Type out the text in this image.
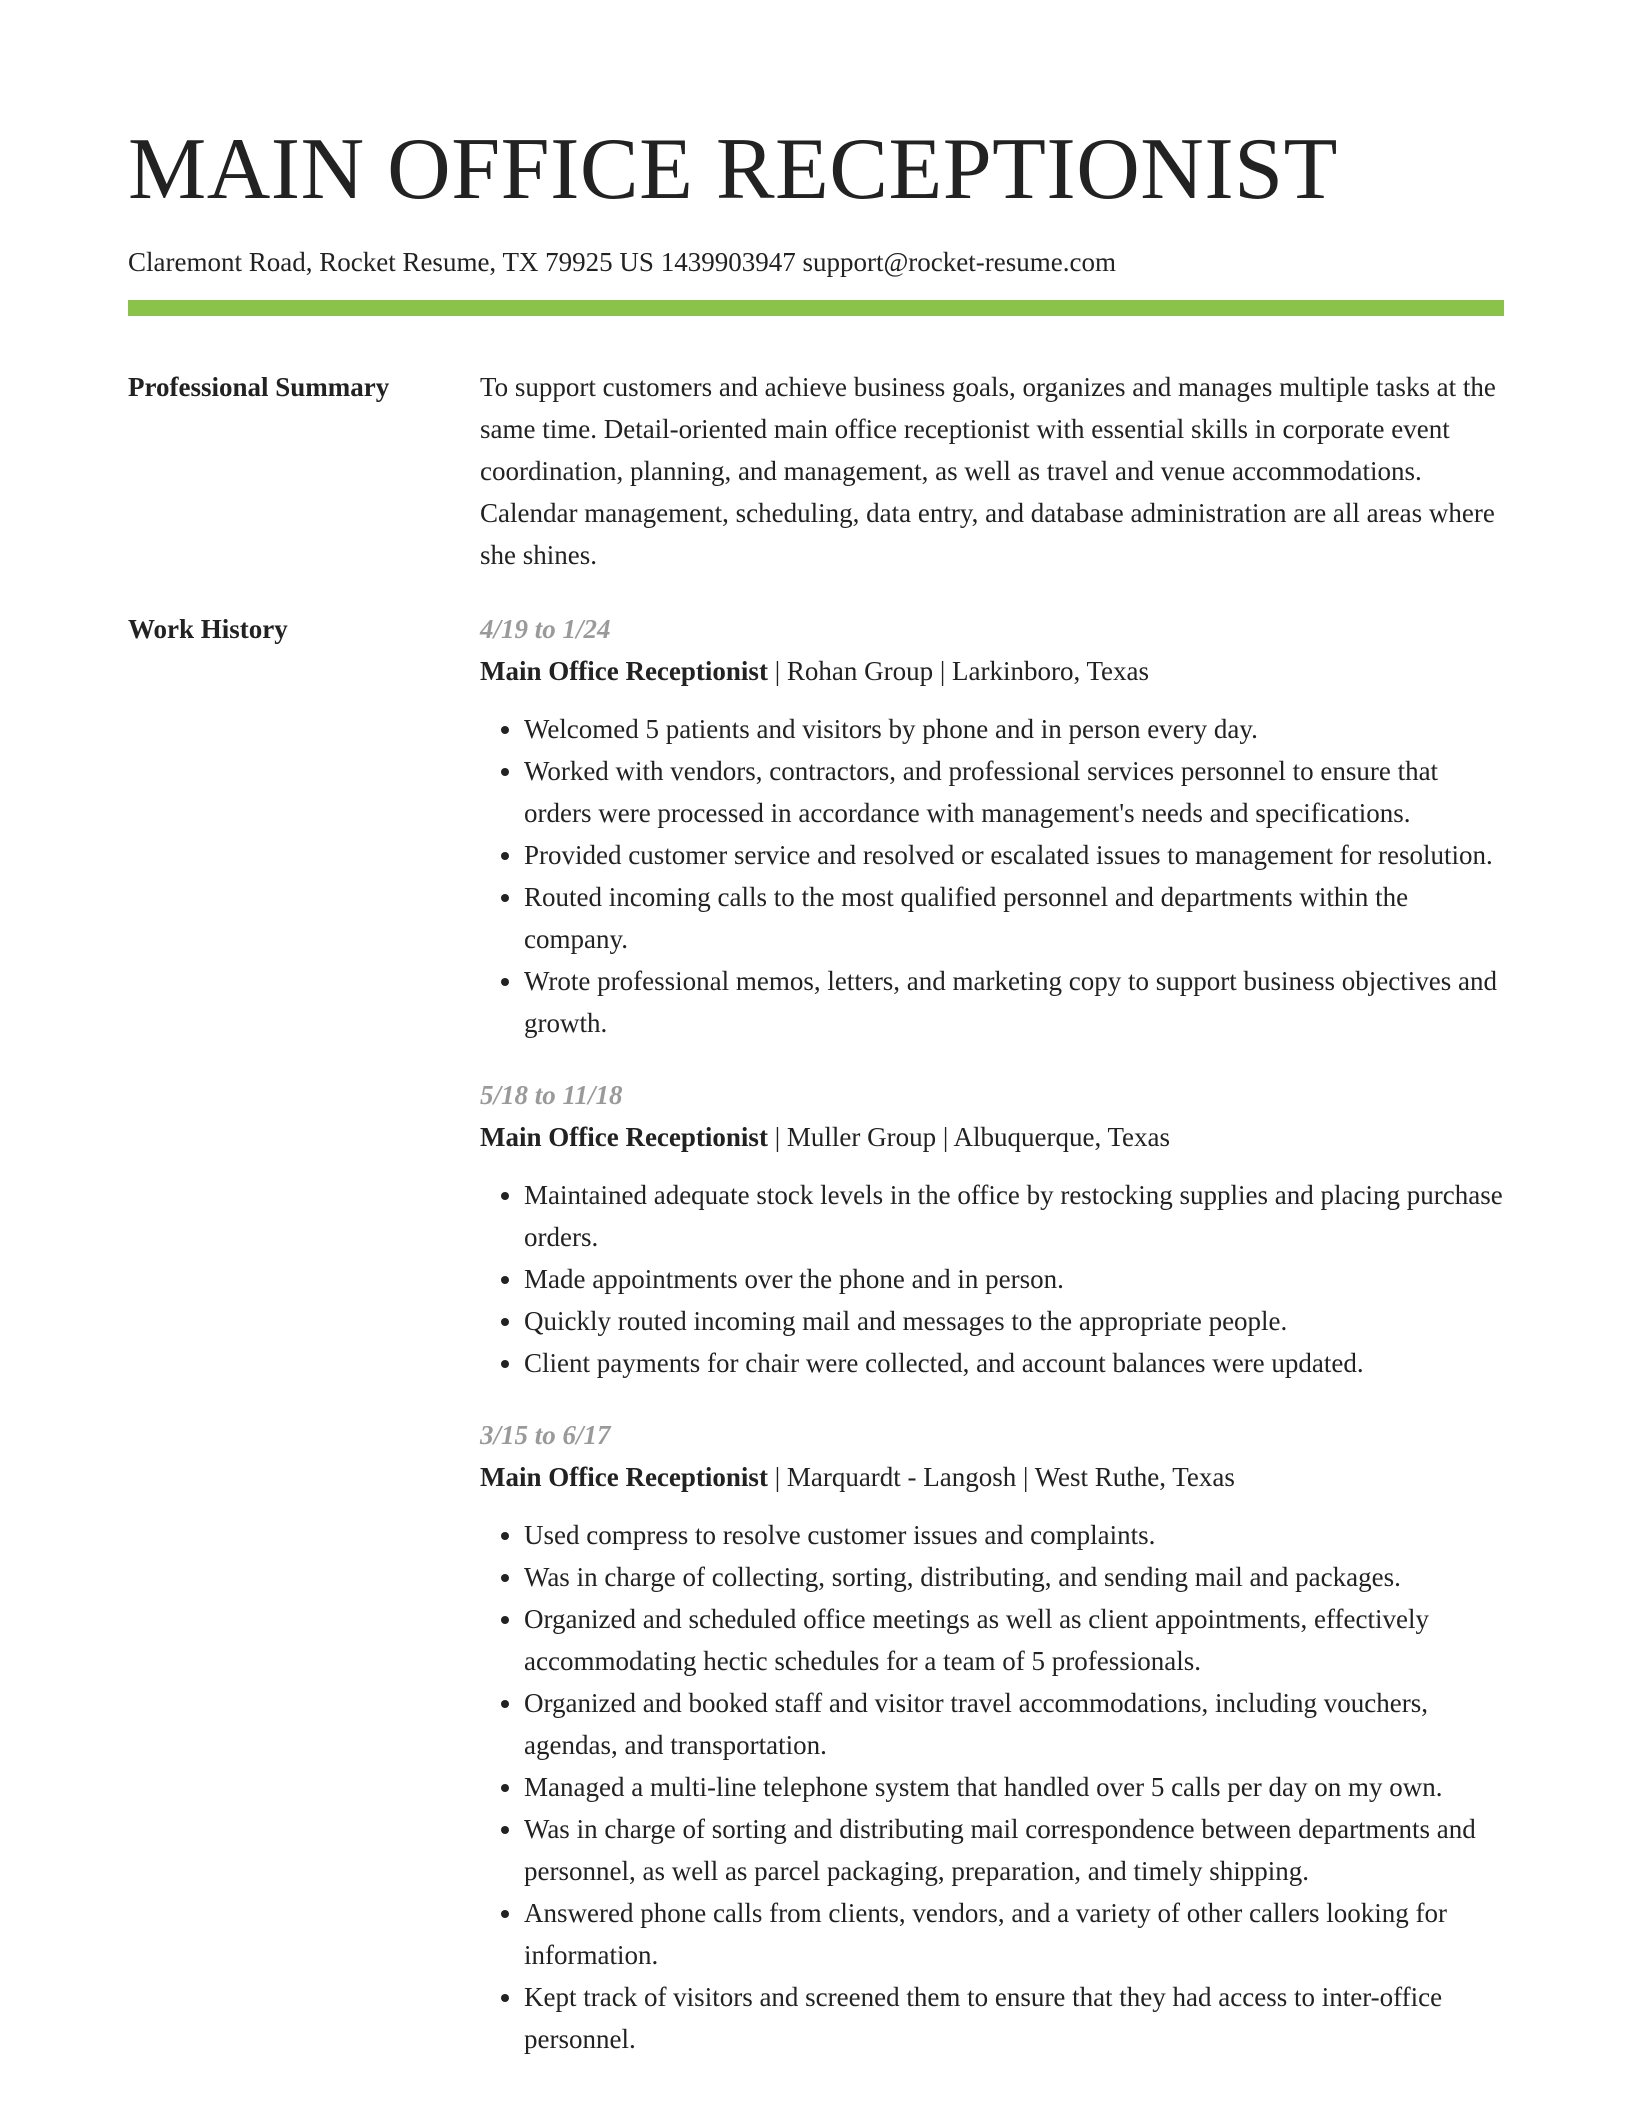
MAIN OFFICE RECEPTIONIST
Claremont Road, Rocket Resume, TX 79925 US 1439903947 support@rocket-resume.com
Professional Summary	To support customers and achieve business goals, organizes and manages multiple tasks at the same time. Detail-oriented main office receptionist with essential skills in corporate event coordination, planning, and management, as well as travel and venue accommodations. Calendar management, scheduling, data entry, and database administration are all areas where she shines.

Work History	4/19 to 1/24
Main Office Receptionist | Rohan Group | Larkinboro, Texas
• Welcomed 5 patients and visitors by phone and in person every day.
• Worked with vendors, contractors, and professional services personnel to ensure that orders were processed in accordance with management's needs and specifications.
• Provided customer service and resolved or escalated issues to management for resolution.
• Routed incoming calls to the most qualified personnel and departments within the company.
• Wrote professional memos, letters, and marketing copy to support business objectives and growth.
5/18 to 11/18
Main Office Receptionist | Muller Group | Albuquerque, Texas
• Maintained adequate stock levels in the office by restocking supplies and placing purchase orders.
• Made appointments over the phone and in person.
• Quickly routed incoming mail and messages to the appropriate people.
• Client payments for chair were collected, and account balances were updated.
3/15 to 6/17
Main Office Receptionist | Marquardt - Langosh | West Ruthe, Texas
• Used compress to resolve customer issues and complaints.
• Was in charge of collecting, sorting, distributing, and sending mail and packages.
• Organized and scheduled office meetings as well as client appointments, effectively accommodating hectic schedules for a team of 5 professionals.
• Organized and booked staff and visitor travel accommodations, including vouchers, agendas, and transportation.
• Managed a multi-line telephone system that handled over 5 calls per day on my own.
• Was in charge of sorting and distributing mail correspondence between departments and personnel, as well as parcel packaging, preparation, and timely shipping.
• Answered phone calls from clients, vendors, and a variety of other callers looking for information.
• Kept track of visitors and screened them to ensure that they had access to inter-office personnel.
